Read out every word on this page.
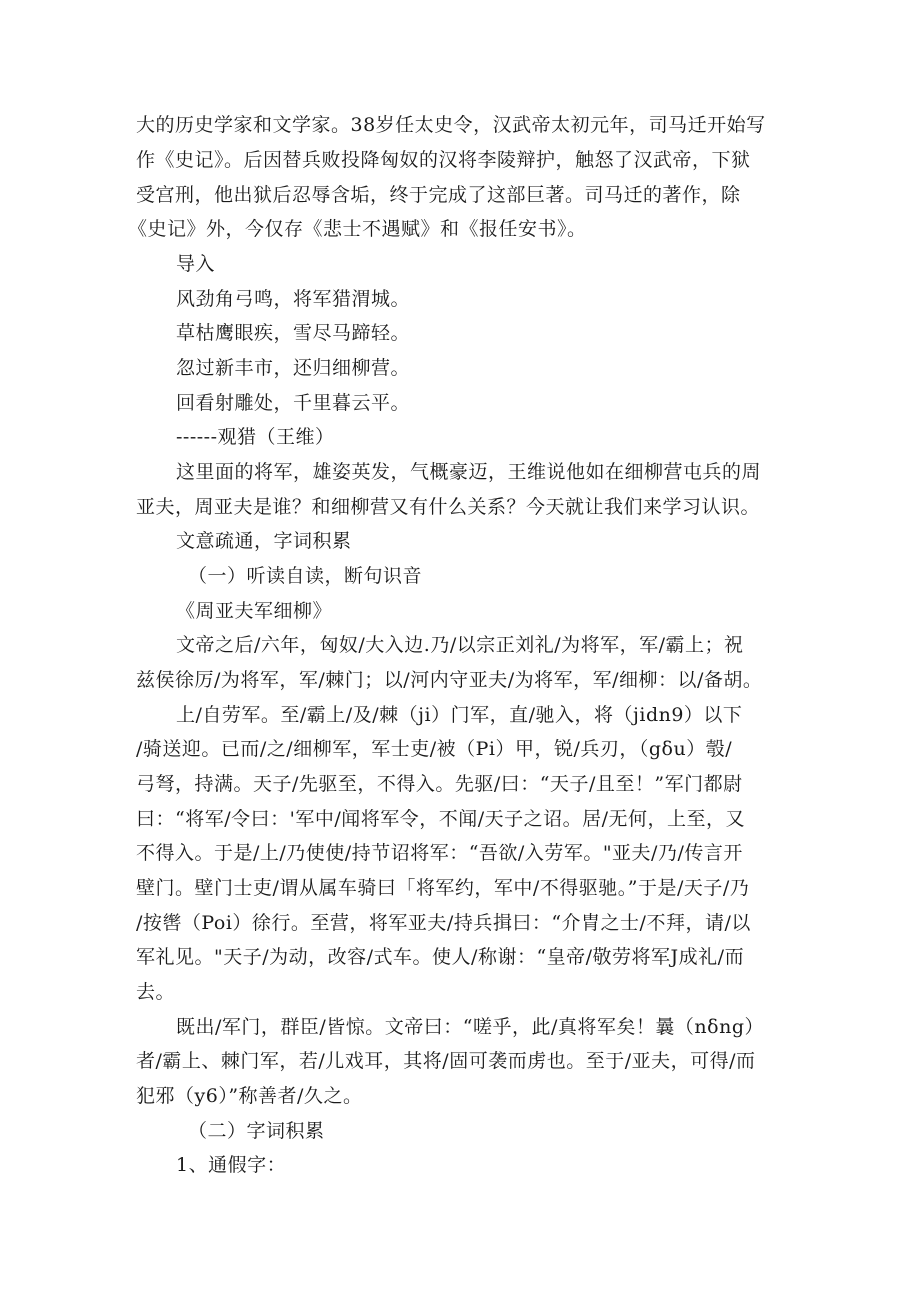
大的历史学家和文学家。38岁任太史令，汉武帝太初元年，司马迁开始写
作《史记》。后因替兵败投降匈奴的汉将李陵辩护，触怒了汉武帝，下狱
受宫刑，他出狱后忍辱含垢，终于完成了这部巨著。司马迁的著作，除
《史记》外，今仅存《悲士不遇赋》和《报任安书》。
导入
风劲角弓鸣，将军猎渭城。
草枯鹰眼疾，雪尽马蹄轻。
忽过新丰市，还归细柳营。
回看射雕处，千里暮云平。
------观猎（王维）
这里面的将军，雄姿英发，气概豪迈，王维说他如在细柳营屯兵的周
亚夫，周亚夫是谁？和细柳营又有什么关系？今天就让我们来学习认识。
文意疏通，字词积累
（一）听读自读，断句识音
《周亚夫军细柳》
文帝之后/六年，匈奴/大入边.乃/以宗正刘礼/为将军，军/霸上；祝
兹侯徐厉/为将军，军/棘门；以/河内守亚夫/为将军，军/细柳：以/备胡。
上/自劳军。至/霸上/及/棘（ji）门军，直/驰入，将（jidn9）以下
/骑送迎。已而/之/细柳军，军士吏/被（Pi）甲，锐/兵刃，（gδu）彀/
弓弩，持满。天子/先驱至，不得入。先驱/曰：“天子/且至！”军门都尉
曰：“将军/令曰：'军中/闻将军令，不闻/天子之诏。居/无何，上至，又
不得入。于是/上/乃使使/持节诏将军：“吾欲/入劳军。"亚夫/乃/传言开
壁门。壁门士吏/谓从属车骑曰「将军约，军中/不得驱驰。”于是/天子/乃
/按辔（Poi）徐行。至营，将军亚夫/持兵揖曰：“介胄之士/不拜，请/以
军礼见。"天子/为动，改容/式车。使人/称谢：“皇帝/敬劳将军J成礼/而
去。
既出/军门，群臣/皆惊。文帝曰：“嗟乎，此/真将军矣！曩（nδng）
者/霸上、棘门军，若/儿戏耳，其将/固可袭而虏也。至于/亚夫，可得/而
犯邪（y6）”称善者/久之。
（二）字词积累
1、通假字：
